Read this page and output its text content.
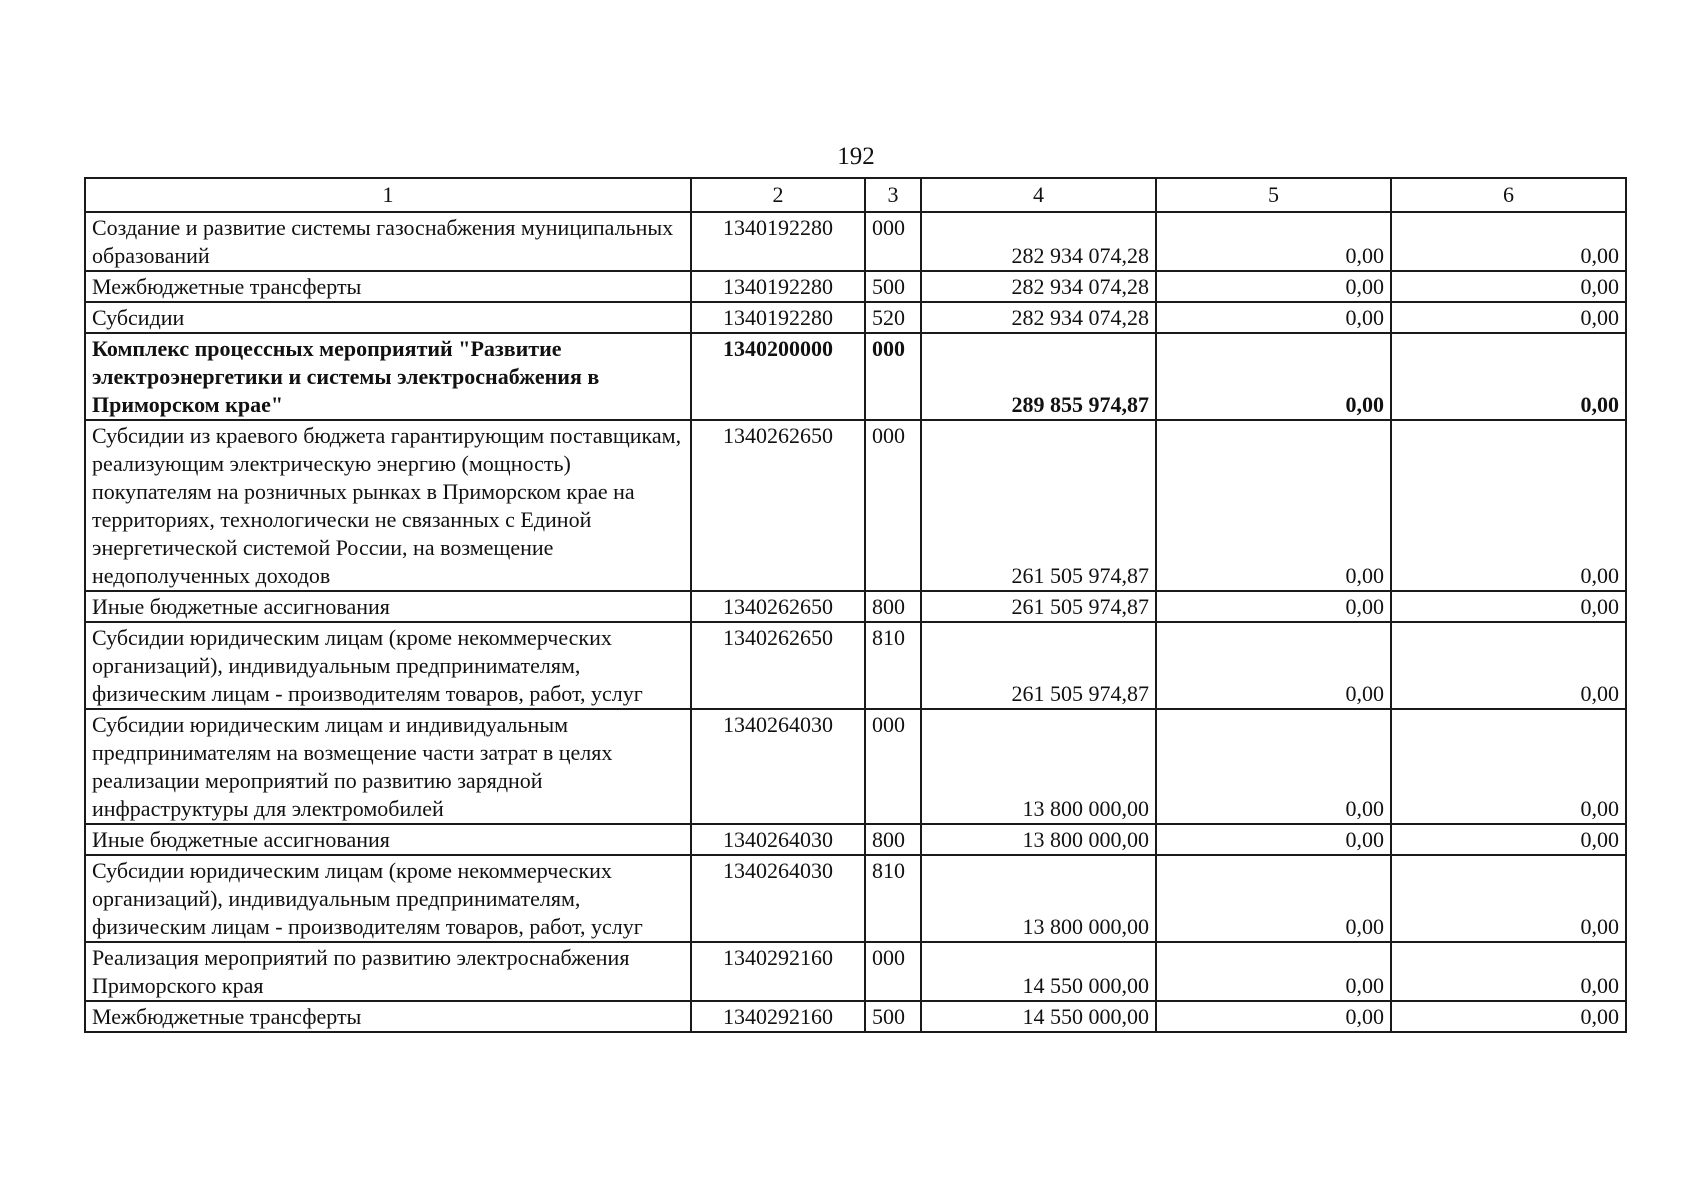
192
1	2	3	4	5	6
Создание и развитие системы газоснабжения муниципальных образований	1340192280	000	282 934 074,28	0,00	0,00
Межбюджетные трансферты	1340192280	500	282 934 074,28	0,00	0,00
Субсидии	1340192280	520	282 934 074,28	0,00	0,00
Комплекс процессных мероприятий "Развитие электроэнергетики и системы электроснабжения в Приморском крае"	1340200000	000	289 855 974,87	0,00	0,00
Субсидии из краевого бюджета гарантирующим поставщикам, реализующим электрическую энергию (мощность) покупателям на розничных рынках в Приморском крае на территориях, технологически не связанных с Единой энергетической системой России, на возмещение недополученных доходов	1340262650	000	261 505 974,87	0,00	0,00
Иные бюджетные ассигнования	1340262650	800	261 505 974,87	0,00	0,00
Субсидии юридическим лицам (кроме некоммерческих организаций), индивидуальным предпринимателям, физическим лицам - производителям товаров, работ, услуг	1340262650	810	261 505 974,87	0,00	0,00
Субсидии юридическим лицам и индивидуальным предпринимателям на возмещение части затрат в целях реализации мероприятий по развитию зарядной инфраструктуры для электромобилей	1340264030	000	13 800 000,00	0,00	0,00
Иные бюджетные ассигнования	1340264030	800	13 800 000,00	0,00	0,00
Субсидии юридическим лицам (кроме некоммерческих организаций), индивидуальным предпринимателям, физическим лицам - производителям товаров, работ, услуг	1340264030	810	13 800 000,00	0,00	0,00
Реализация мероприятий по развитию электроснабжения Приморского края	1340292160	000	14 550 000,00	0,00	0,00
Межбюджетные трансферты	1340292160	500	14 550 000,00	0,00	0,00
